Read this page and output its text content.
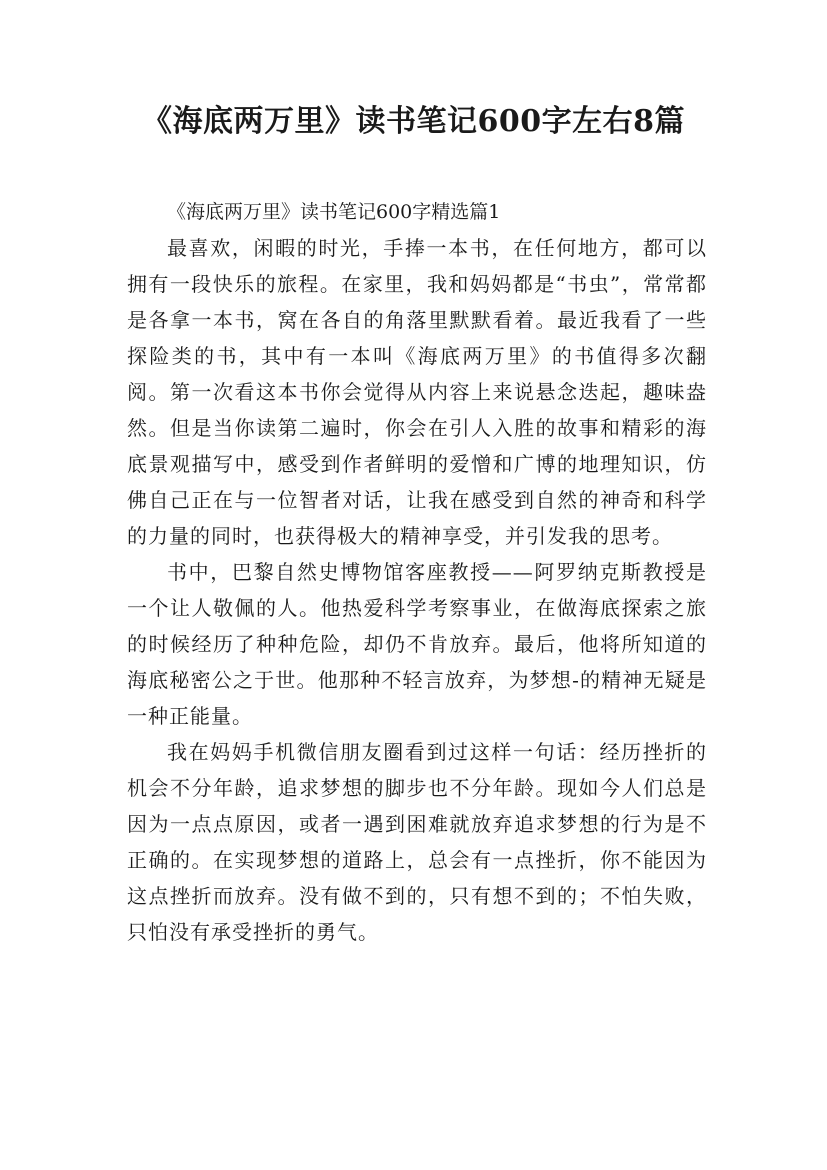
《海底两万里》读书笔记600字左右8篇

《海底两万里》读书笔记600字精选篇1

最喜欢，闲暇的时光，手捧一本书，在任何地方，都可以拥有一段快乐的旅程。在家里，我和妈妈都是“书虫”，常常都是各拿一本书，窝在各自的角落里默默看着。最近我看了一些探险类的书，其中有一本叫《海底两万里》的书值得多次翻阅。第一次看这本书你会觉得从内容上来说悬念迭起，趣味盎然。但是当你读第二遍时，你会在引人入胜的故事和精彩的海底景观描写中，感受到作者鲜明的爱憎和广博的地理知识，仿佛自己正在与一位智者对话，让我在感受到自然的神奇和科学的力量的同时，也获得极大的精神享受，并引发我的思考。

书中，巴黎自然史博物馆客座教授——阿罗纳克斯教授是一个让人敬佩的人。他热爱科学考察事业，在做海底探索之旅的时候经历了种种危险，却仍不肯放弃。最后，他将所知道的海底秘密公之于世。他那种不轻言放弃，为梦想-的精神无疑是一种正能量。

我在妈妈手机微信朋友圈看到过这样一句话：经历挫折的机会不分年龄，追求梦想的脚步也不分年龄。现如今人们总是因为一点点原因，或者一遇到困难就放弃追求梦想的行为是不正确的。在实现梦想的道路上，总会有一点挫折，你不能因为这点挫折而放弃。没有做不到的，只有想不到的；不怕失败，只怕没有承受挫折的勇气。
